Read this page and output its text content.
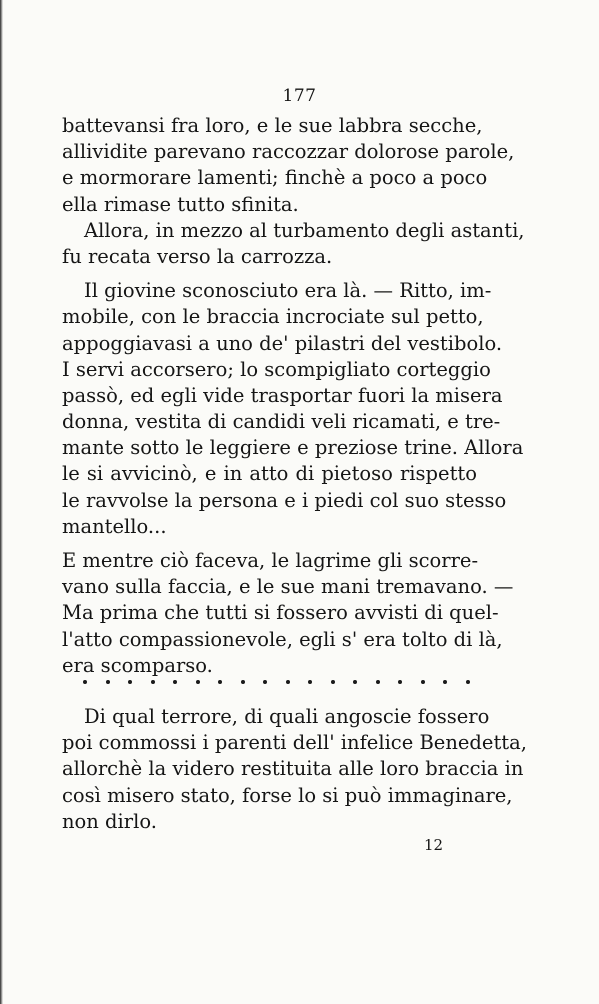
177
battevansi fra loro, e le sue labbra secche,
allividite parevano raccozzar dolorose parole,
e mormorare lamenti; finchè a poco a poco
ella rimase tutto sfinita.
Allora, in mezzo al turbamento degli astanti,
fu recata verso la carrozza.
Il giovine sconosciuto era là. — Ritto, im-
mobile, con le braccia incrociate sul petto,
appoggiavasi a uno de' pilastri del vestibolo.
I servi accorsero; lo scompigliato corteggio
passò, ed egli vide trasportar fuori la misera
donna, vestita di candidi veli ricamati, e tre-
mante sotto le leggiere e preziose trine. Allora
le si avvicinò, e in atto di pietoso rispetto
le ravvolse la persona e i piedi col suo stesso
mantello...
E mentre ciò faceva, le lagrime gli scorre-
vano sulla faccia, e le sue mani tremavano. —
Ma prima che tutti si fossero avvisti di quel-
l'atto compassionevole, egli s' era tolto di là,
era scomparso.
Di qual terrore, di quali angoscie fossero
poi commossi i parenti dell' infelice Benedetta,
allorchè la videro restituita alle loro braccia in
così misero stato, forse lo si può immaginare,
non dirlo.
12
